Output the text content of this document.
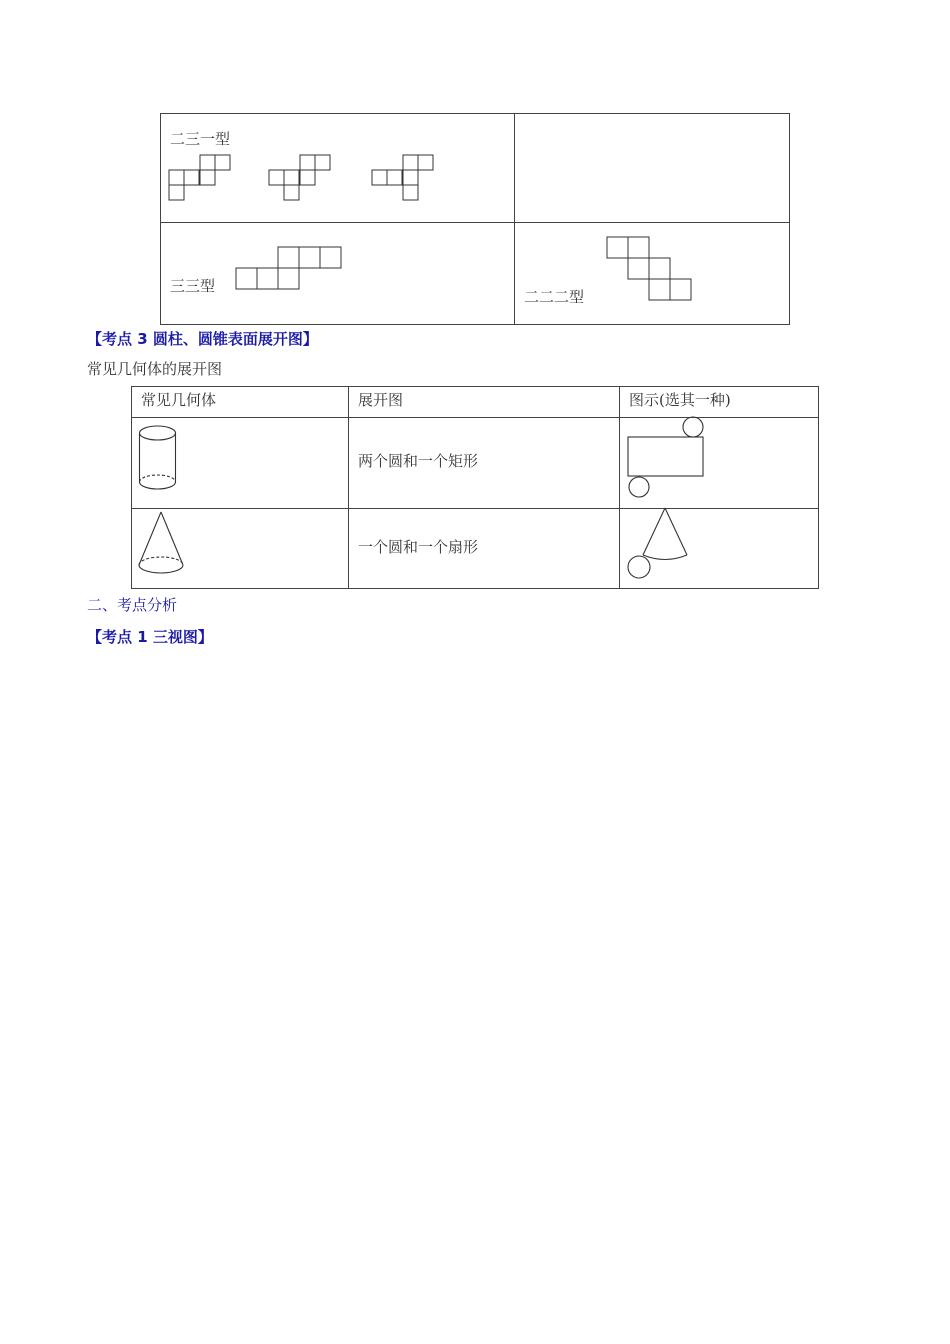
二三一型
三三型
二二二型
【考点 3 圆柱、圆锥表面展开图】
常见几何体的展开图
常见几何体	展开图	图示(选其一种)
两个圆和一个矩形
一个圆和一个扇形
二、考点分析
【考点 1 三视图】
